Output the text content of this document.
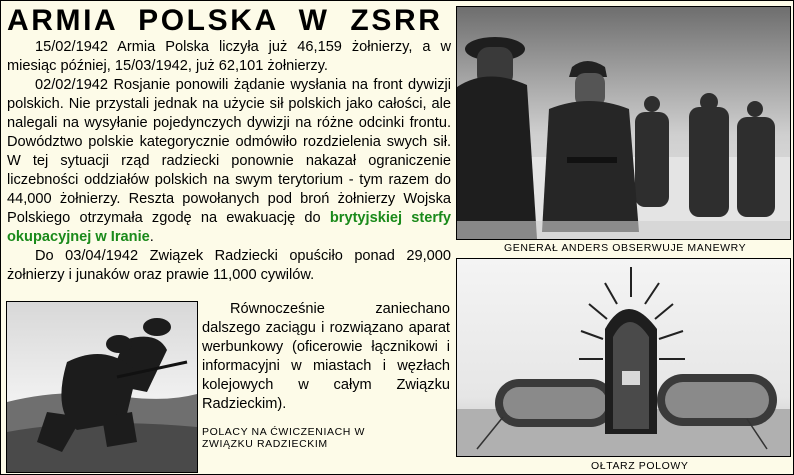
ARMIA POLSKA W ZSRR

15/02/1942 Armia Polska liczyła już 46,159 żołnierzy, a w miesiąc później, 15/03/1942, już 62,101 żołnierzy.

02/02/1942 Rosjanie ponowili żądanie wysłania na front dywizji polskich. Nie przystali jednak na użycie sił polskich jako całości, ale nalegali na wysyłanie pojedynczych dywizji na różne odcinki frontu. Dowództwo polskie kategorycznie odmówiło rozdzielenia swych sił. W tej sytuacji rząd radziecki ponownie nakazał ograniczenie liczebności oddziałów polskich na swym terytorium - tym razem do 44,000 żołnierzy. Reszta powołanych pod broń żołnierzy Wojska Polskiego otrzymała zgodę na ewakuację do brytyjskiej sterfy okupacyjnej w Iranie.

Do 03/04/1942 Związek Radziecki opuściło ponad 29,000 żołnierzy i junaków oraz prawie 11,000 cywilów.

Równocześnie zaniechano dalszego zaciągu i rozwiązano aparat werbunkowy (oficerowie łącznikowi i informacyjni w miastach i węzłach kolejowych w całym Związku Radzieckim).

GENERAŁ ANDERS OBSERWUJE MANEWRY
POLACY NA ĆWICZENIACH W ZWIĄZKU RADZIECKIM
OŁTARZ POLOWY
